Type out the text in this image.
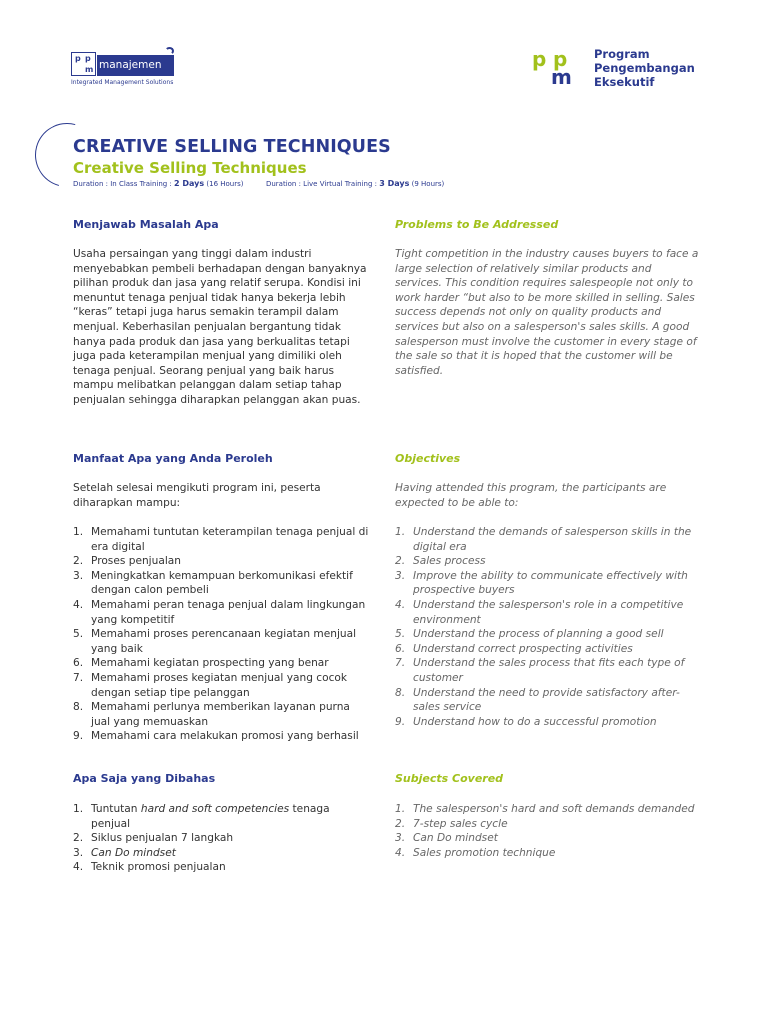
p p
m manajemen
Integrated Management Solutions
p p
m
Program
Pengembangan
Eksekutif
CREATIVE SELLING TECHNIQUES
Creative Selling Techniques
Duration : In Class Training : 2 Days (16 Hours)	Duration : Live Virtual Training : 3 Days (9 Hours)
Menjawab Masalah Apa	Problems to Be Addressed
Usaha persaingan yang tinggi dalam industri menyebabkan pembeli berhadapan dengan banyaknya pilihan produk dan jasa yang relatif serupa. Kondisi ini menuntut tenaga penjual tidak hanya bekerja lebih “keras” tetapi juga harus semakin terampil dalam menjual. Keberhasilan penjualan bergantung tidak hanya pada produk dan jasa yang berkualitas tetapi juga pada keterampilan menjual yang dimiliki oleh tenaga penjual. Seorang penjual yang baik harus mampu melibatkan pelanggan dalam setiap tahap penjualan sehingga diharapkan pelanggan akan puas.
Tight competition in the industry causes buyers to face a large selection of relatively similar products and services. This condition requires salespeople not only to work harder “but also to be more skilled in selling. Sales success depends not only on quality products and services but also on a salesperson's sales skills. A good salesperson must involve the customer in every stage of the sale so that it is hoped that the customer will be satisfied.
Manfaat Apa yang Anda Peroleh	Objectives
Setelah selesai mengikuti program ini, peserta diharapkan mampu:
Having attended this program, the participants are expected to be able to:
1. Memahami tuntutan keterampilan tenaga penjual di era digital
2. Proses penjualan
3. Meningkatkan kemampuan berkomunikasi efektif dengan calon pembeli
4. Memahami peran tenaga penjual dalam lingkungan yang kompetitif
5. Memahami proses perencanaan kegiatan menjual yang baik
6. Memahami kegiatan prospecting yang benar
7. Memahami proses kegiatan menjual yang cocok dengan setiap tipe pelanggan
8. Memahami perlunya memberikan layanan purna jual yang memuaskan
9. Memahami cara melakukan promosi yang berhasil
1. Understand the demands of salesperson skills in the digital era
2. Sales process
3. Improve the ability to communicate effectively with prospective buyers
4. Understand the salesperson's role in a competitive environment
5. Understand the process of planning a good sell
6. Understand correct prospecting activities
7. Understand the sales process that fits each type of customer
8. Understand the need to provide satisfactory after-sales service
9. Understand how to do a successful promotion
Apa Saja yang Dibahas	Subjects Covered
1. Tuntutan hard and soft competencies tenaga penjual
2. Siklus penjualan 7 langkah
3. Can Do mindset
4. Teknik promosi penjualan
1. The salesperson's hard and soft demands demanded
2. 7-step sales cycle
3. Can Do mindset
4. Sales promotion technique
